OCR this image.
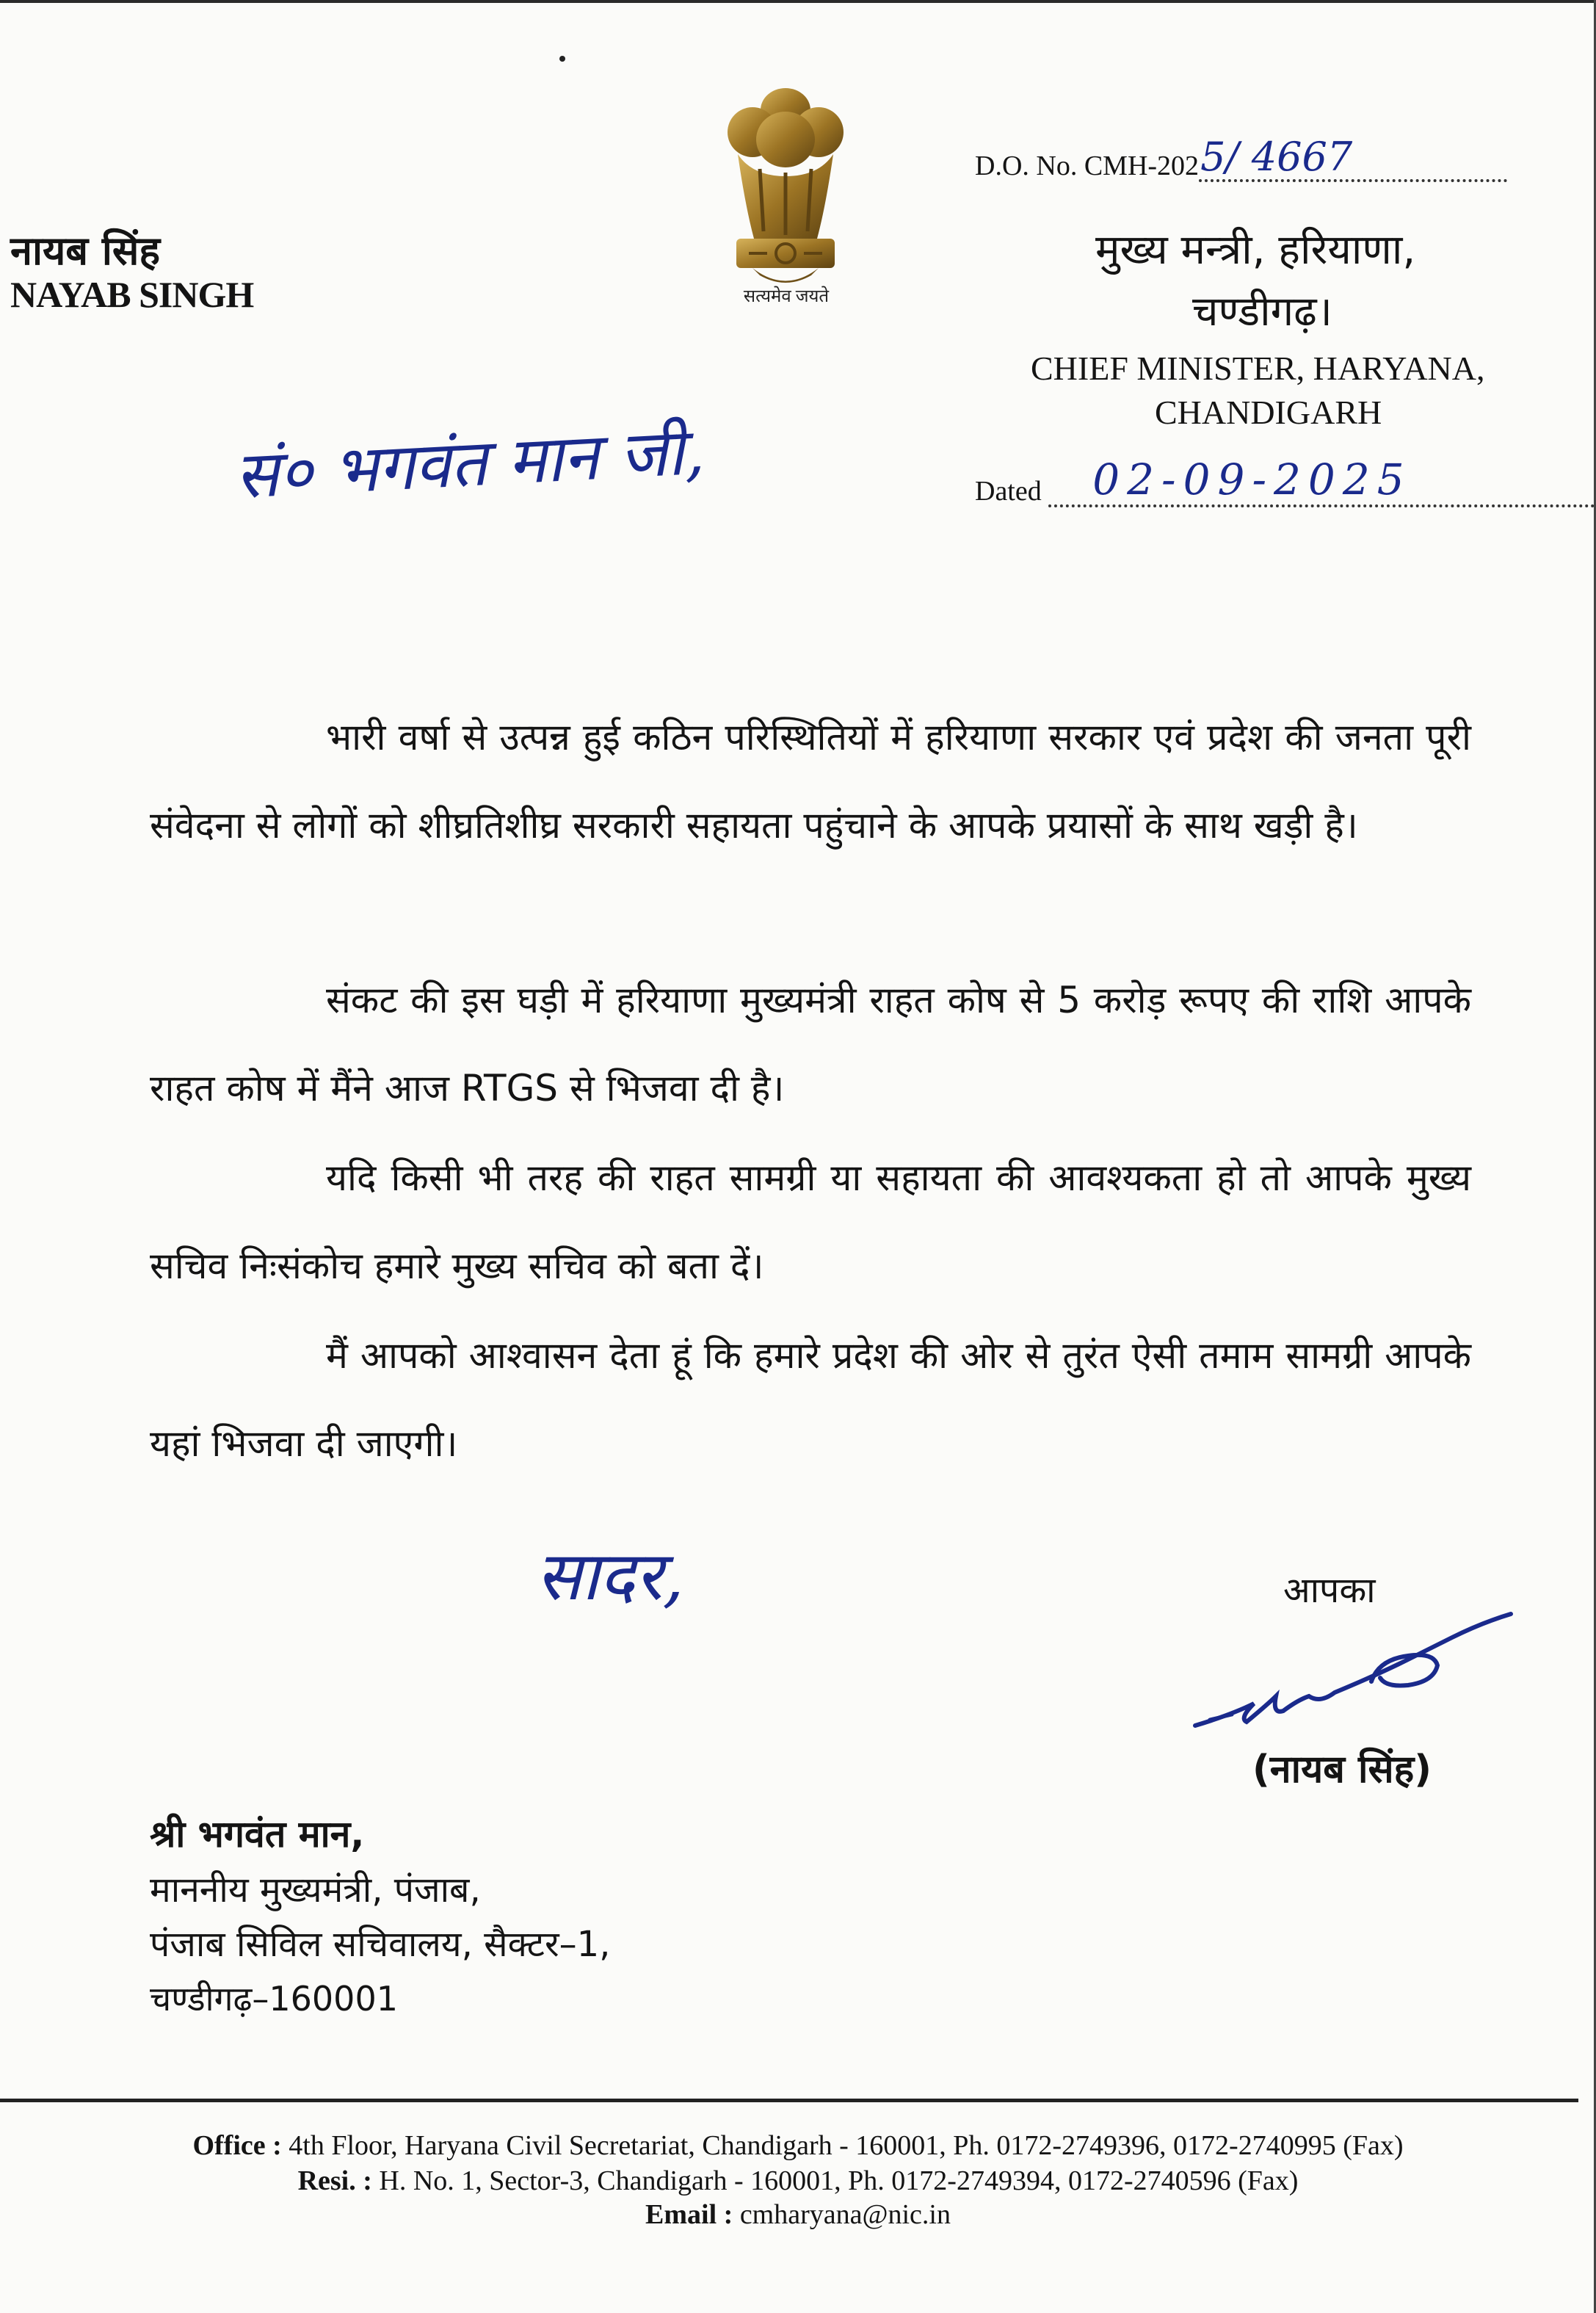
नायब सिंह
NAYAB SINGH	सत्यमेव जयते
D.O. No. CMH-202 5/ 4667
मुख्य मन्त्री, हरियाणा,
चण्डीगढ़।
CHIEF MINISTER, HARYANA,
CHANDIGARH
Dated 02-09-2025
सं० भगवंत मान जी,
भारी वर्षा से उत्पन्न हुई कठिन परिस्थितियों में हरियाणा सरकार एवं प्रदेश की जनता पूरी संवेदना से लोगों को शीघ्रतिशीघ्र सरकारी सहायता पहुंचाने के आपके प्रयासों के साथ खड़ी है।
संकट की इस घड़ी में हरियाणा मुख्यमंत्री राहत कोष से 5 करोड़ रूपए की राशि आपके राहत कोष में मैंने आज RTGS से भिजवा दी है।
यदि किसी भी तरह की राहत सामग्री या सहायता की आवश्यकता हो तो आपके मुख्य सचिव निःसंकोच हमारे मुख्य सचिव को बता दें।
मैं आपको आश्वासन देता हूं कि हमारे प्रदेश की ओर से तुरंत ऐसी तमाम सामग्री आपके यहां भिजवा दी जाएगी।
सादर,	आपका
(नायब सिंह)
श्री भगवंत मान,
माननीय मुख्यमंत्री, पंजाब,
पंजाब सिविल सचिवालय, सैक्टर–1,
चण्डीगढ़–160001
Office : 4th Floor, Haryana Civil Secretariat, Chandigarh - 160001, Ph. 0172-2749396, 0172-2740995 (Fax)
Resi. : H. No. 1, Sector-3, Chandigarh - 160001, Ph. 0172-2749394, 0172-2740596 (Fax)
Email : cmharyana@nic.in
